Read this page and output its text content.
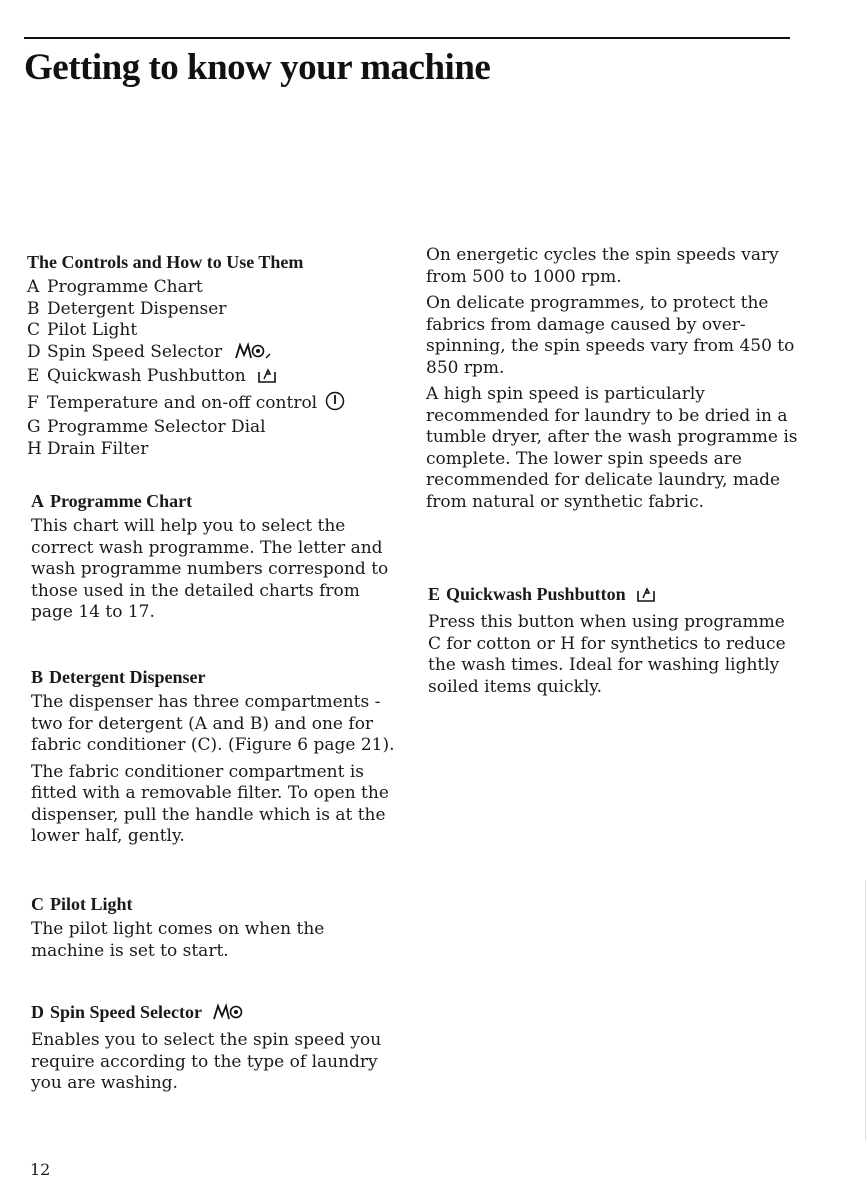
Getting to know your machine
The Controls and How to Use Them
A Programme Chart
B Detergent Dispenser
C Pilot Light
D Spin Speed Selector
E Quickwash Pushbutton
F Temperature and on-off control
G Programme Selector Dial
H Drain Filter
A Programme Chart

This chart will help you to select the correct wash programme. The letter and wash programme numbers correspond to those used in the detailed charts from page 14 to 17.

B Detergent Dispenser

The dispenser has three compartments - two for detergent (A and B) and one for fabric conditioner (C). (Figure 6 page 21).

The fabric conditioner compartment is fitted with a removable filter. To open the dispenser, pull the handle which is at the lower half, gently.

C Pilot Light

The pilot light comes on when the machine is set to start.

D Spin Speed Selector

Enables you to select the spin speed you require according to the type of laundry you are washing.

On energetic cycles the spin speeds vary from 500 to 1000 rpm.

On delicate programmes, to protect the fabrics from damage caused by over-spinning, the spin speeds vary from 450 to 850 rpm.

A high spin speed is particularly recommended for laundry to be dried in a tumble dryer, after the wash programme is complete. The lower spin speeds are recommended for delicate laundry, made from natural or synthetic fabric.

E Quickwash Pushbutton

Press this button when using programme C for cotton or H for synthetics to reduce the wash times. Ideal for washing lightly soiled items quickly.

12
